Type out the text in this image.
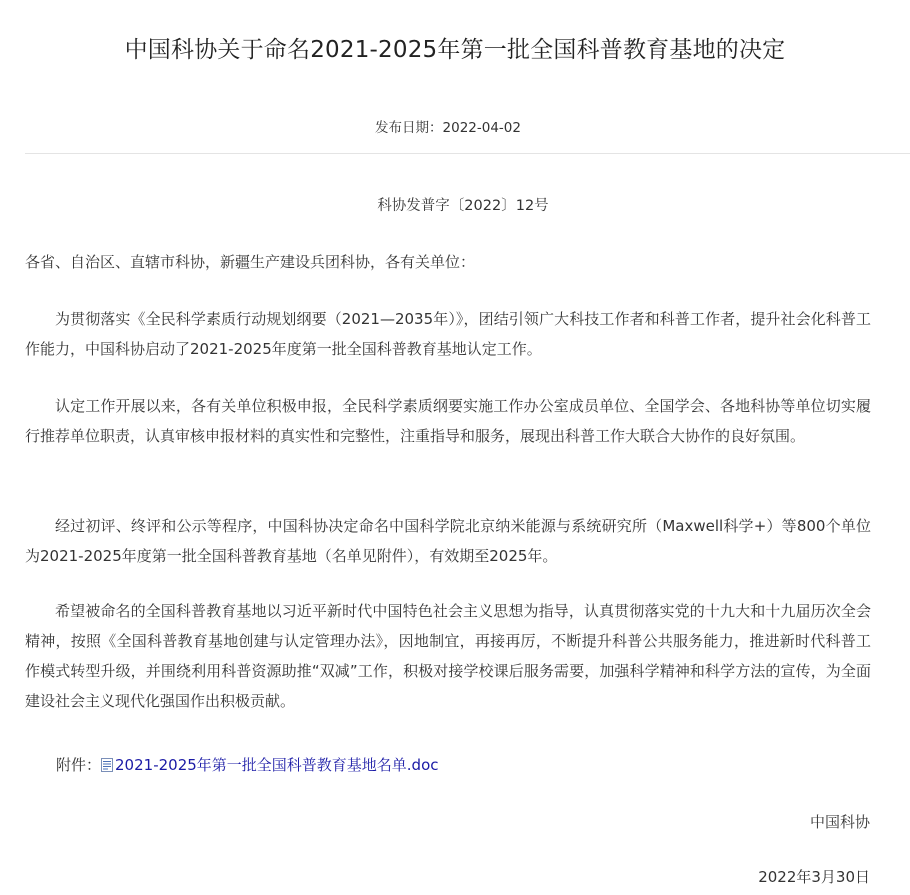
中国科协关于命名2021-2025年第一批全国科普教育基地的决定
发布日期：2022-04-02
科协发普字〔2022〕12号
各省、自治区、直辖市科协，新疆生产建设兵团科协，各有关单位：

为贯彻落实《全民科学素质行动规划纲要（2021—2035年）》，团结引领广大科技工作者和科普工作者，提升社会化科普工作能力，中国科协启动了2021-2025年度第一批全国科普教育基地认定工作。

认定工作开展以来，各有关单位积极申报，全民科学素质纲要实施工作办公室成员单位、全国学会、各地科协等单位切实履行推荐单位职责，认真审核申报材料的真实性和完整性，注重指导和服务，展现出科普工作大联合大协作的良好氛围。

经过初评、终评和公示等程序，中国科协决定命名中国科学院北京纳米能源与系统研究所（Maxwell科学+）等800个单位为2021-2025年度第一批全国科普教育基地（名单见附件），有效期至2025年。

希望被命名的全国科普教育基地以习近平新时代中国特色社会主义思想为指导，认真贯彻落实党的十九大和十九届历次全会精神，按照《全国科普教育基地创建与认定管理办法》，因地制宜，再接再厉，不断提升科普公共服务能力，推进新时代科普工作模式转型升级，并围绕利用科普资源助推“双减”工作，积极对接学校课后服务需要，加强科学精神和科学方法的宣传，为全面建设社会主义现代化强国作出积极贡献。

附件： 2021-2025年第一批全国科普教育基地名单.doc
中国科协
2022年3月30日
